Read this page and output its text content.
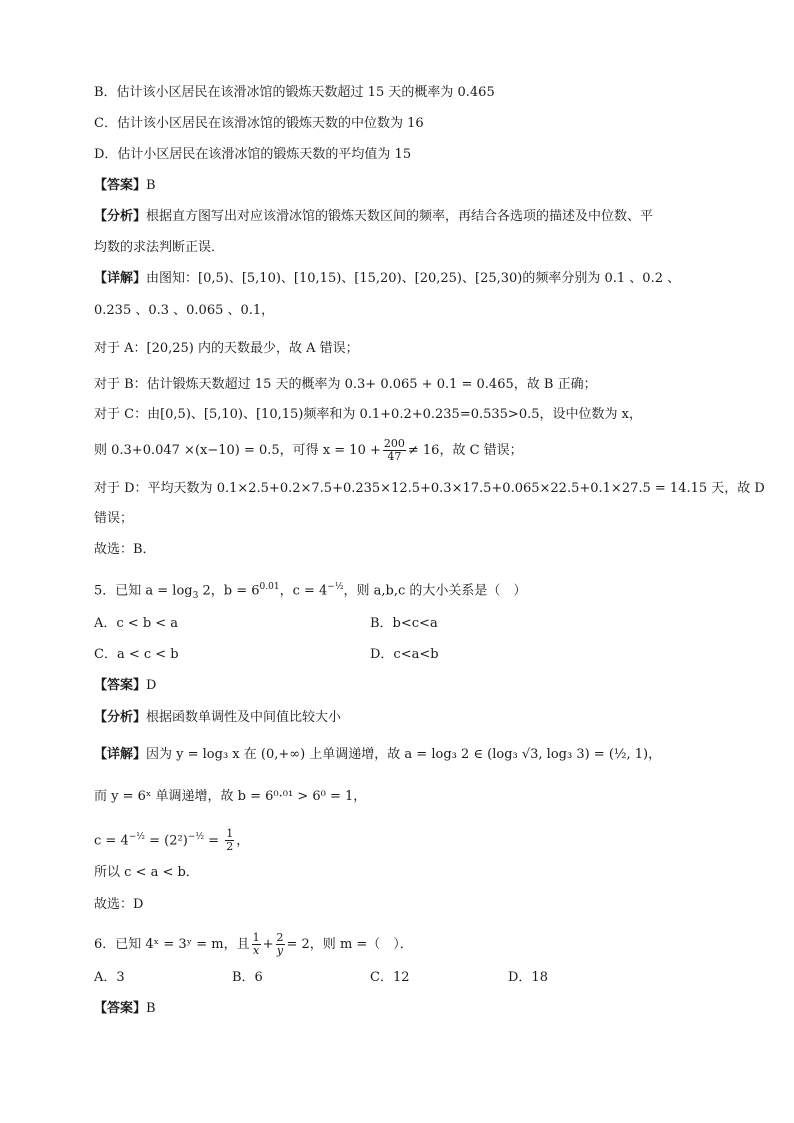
B．估计该小区居民在该滑冰馆的锻炼天数超过 15 天的概率为 0.465
C．估计该小区居民在该滑冰馆的锻炼天数的中位数为 16
D．估计小区居民在该滑冰馆的锻炼天数的平均值为 15
【答案】B
【分析】根据直方图写出对应该滑冰馆的锻炼天数区间的频率，再结合各选项的描述及中位数、平
均数的求法判断正误．
【详解】由图知：[0,5)、[5,10)、[10,15)、[15,20)、[20,25)、[25,30)的频率分别为 0.1 、0.2 、
0.235 、0.3 、0.065 、0.1，
对于 A：[20,25) 内的天数最少，故 A 错误；
对于 B：估计锻炼天数超过 15 天的概率为 0.3+ 0.065 + 0.1 = 0.465，故 B 正确；
对于 C：由[0,5)、[5,10)、[10,15)频率和为 0.1+0.2+0.235=0.535>0.5，设中位数为 x，
则 0.3+0.047 ×(x−10) = 0.5，可得 $x = 10 + \frac{200}{47} \ne 16$，故 C 错误；
对于 D：平均天数为 0.1×2.5+0.2×7.5+0.235×12.5+0.3×17.5+0.065×22.5+0.1×27.5 = 14.15 天，故 D
错误；
故选：B．
5．已知 $a = \log_3 2$，$b = 6^{0.01}$，$c = 4^{-\frac{1}{2}}$，则 a,b,c 的大小关系是（　）
A．c < b < a	B．b<c<a
C．a < c < b	D．c<a<b
【答案】D
【分析】根据函数单调性及中间值比较大小
【详解】因为 y = log₃ x 在 (0,+∞) 上单调递增，故 a = log₃ 2 ∈ (log₃ √3, log₃ 3) = (½, 1)，
而 y = 6ˣ 单调递增，故 b = 6⁰·⁰¹ > 6⁰ = 1，
$c = 4^{-\frac{1}{2}} = (2^2)^{-\frac{1}{2}} = \frac{1}{2}$ ，
所以 c < a < b．
故选：D
6．已知 4ˣ = 3ʸ = m，且 $\frac{1}{x} + \frac{2}{y} = 2$，则 m =（　）．
A．3	B．6	C．12	D．18
【答案】B
